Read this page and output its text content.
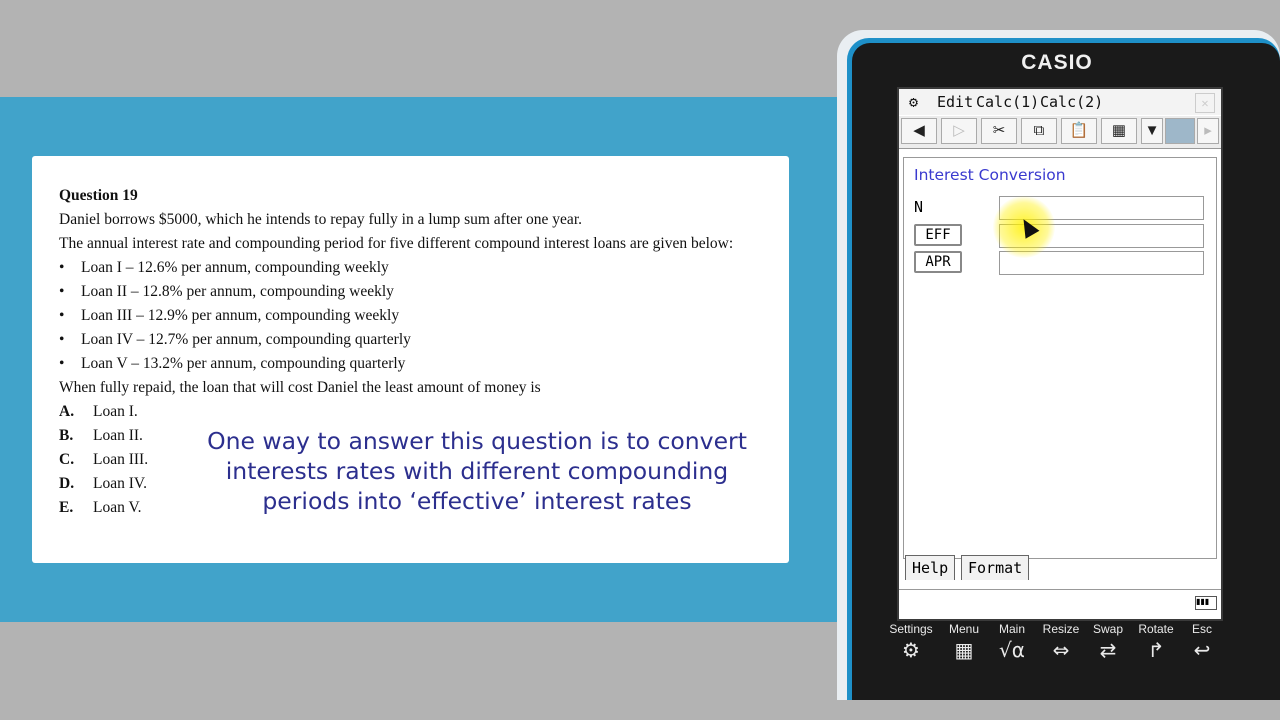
Question 19
Daniel borrows $5000, which he intends to repay fully in a lump sum after one year.
The annual interest rate and compounding period for five different compound interest loans are given below:
•	Loan I – 12.6% per annum, compounding weekly
•	Loan II – 12.8% per annum, compounding weekly
•	Loan III – 12.9% per annum, compounding weekly
•	Loan IV – 12.7% per annum, compounding quarterly
•	Loan V – 13.2% per annum, compounding quarterly
When fully repaid, the loan that will cost Daniel the least amount of money is
A.	Loan I.
B.	Loan II.
C.	Loan III.
D.	Loan IV.
E.	Loan V.
One way to answer this question is to convert
interests rates with different compounding
periods into ‘effective’ interest rates
CASIO
⚙ Edit Calc(1) Calc(2)	✕
◀	▷	✂	⧉	📋	▦	▼	▸
Interest Conversion
N
EFF
APR
Help	Format
▮▮▮
Settings
⚙
Menu
▦
Main
√α
Resize
⇔
Swap
⇄
Rotate
↱
Esc
↩
